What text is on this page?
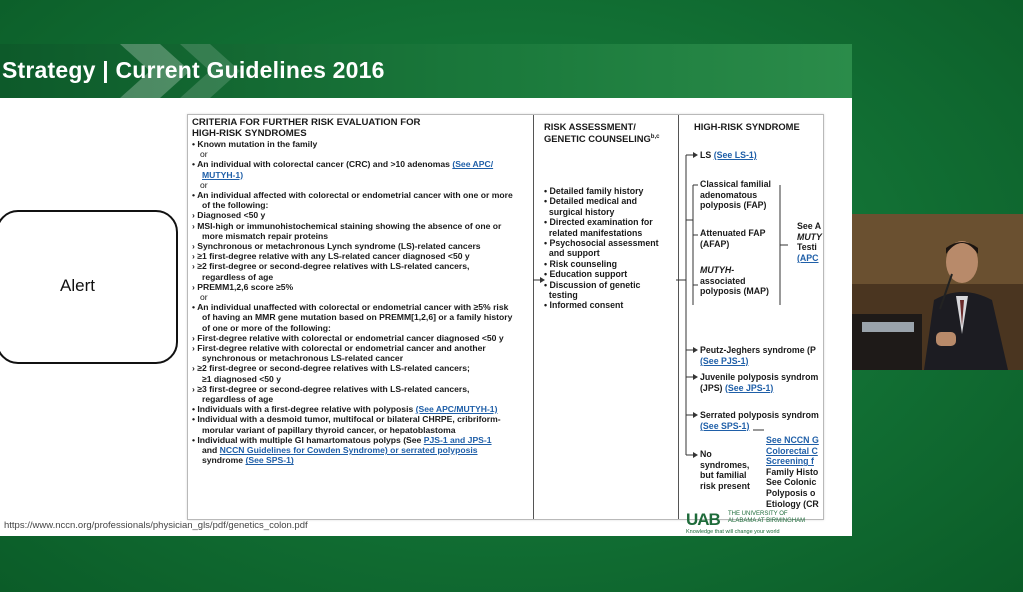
Strategy | Current Guidelines 2016
Alert
CRITERIA FOR FURTHER RISK EVALUATION FOR
HIGH-RISK SYNDROMES
• Known mutation in the family
or
• An individual with colorectal cancer (CRC) and >10 adenomas (See APC/
MUTYH-1)
or
• An individual affected with colorectal or endometrial cancer with one or more
of the following:
› Diagnosed <50 y
› MSI-high or immunohistochemical staining showing the absence of one or
more mismatch repair proteins
› Synchronous or metachronous Lynch syndrome (LS)-related cancers
› ≥1 first-degree relative with any LS-related cancer diagnosed <50 y
› ≥2 first-degree or second-degree relatives with LS-related cancers,
regardless of age
› PREMM1,2,6 score ≥5%
or
• An individual unaffected with colorectal or endometrial cancer with ≥5% risk
of having an MMR gene mutation based on PREMM[1,2,6] or a family history
of one or more of the following:
› First-degree relative with colorectal or endometrial cancer diagnosed <50 y
› First-degree relative with colorectal or endometrial cancer and another
synchronous or metachronous LS-related cancer
› ≥2 first-degree or second-degree relatives with LS-related cancers;
≥1 diagnosed <50 y
› ≥3 first-degree or second-degree relatives with LS-related cancers,
regardless of age
• Individuals with a first-degree relative with polyposis (See APC/MUTYH-1)
• Individual with a desmoid tumor, multifocal or bilateral CHRPE, cribriform-
morular variant of papillary thyroid cancer, or hepatoblastoma
• Individual with multiple GI hamartomatous polyps (See PJS-1 and JPS-1
and NCCN Guidelines for Cowden Syndrome) or serrated polyposis
syndrome (See SPS-1)
RISK ASSESSMENT/
GENETIC COUNSELING$^{b,c}$
• Detailed family history
• Detailed medical and
surgical history
• Directed examination for
related manifestations
• Psychosocial assessment
and support
• Risk counseling
• Education support
• Discussion of genetic
testing
• Informed consent
HIGH-RISK SYNDROME
LS (See LS-1)
Classical familial
adenomatous
polyposis (FAP)
Attenuated FAP
(AFAP)
MUTYH-
associated
polyposis (MAP)
See A
MUTY
Testi
(APC
Peutz-Jeghers syndrome (P
(See PJS-1)
Juvenile polyposis syndrom
(JPS) (See JPS-1)
Serrated polyposis syndrom
(See SPS-1)
No
syndromes,
but familial
risk present
See NCCN G
Colorectal C
Screening f
Family Histo
See Colonic
Polyposis o
Etiology (CR
https://www.nccn.org/professionals/physician_gls/pdf/genetics_colon.pdf	UAB THE UNIVERSITY OF
ALABAMA AT BIRMINGHAM
Knowledge that will change your world
